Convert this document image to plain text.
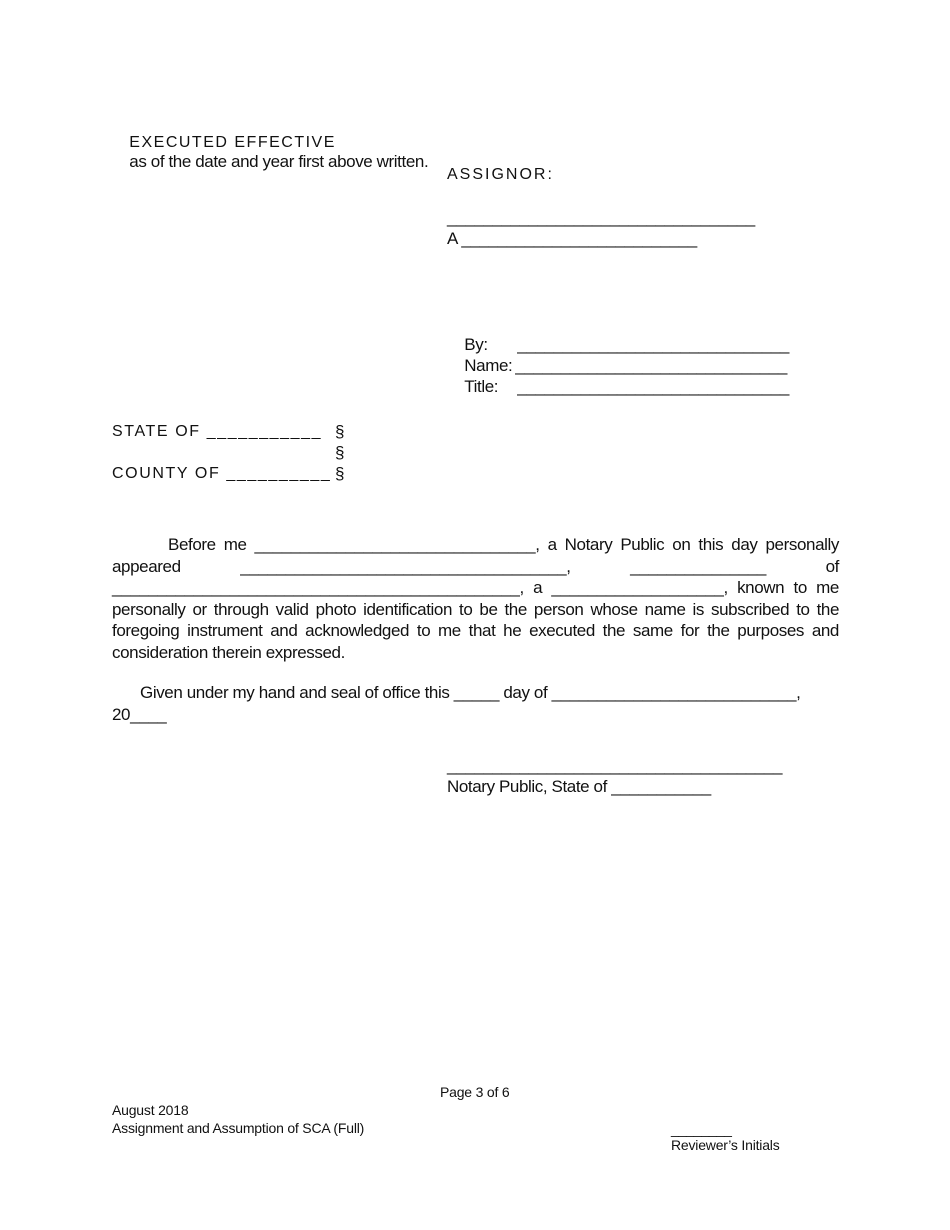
EXECUTED EFFECTIVE
as of the date and year first above written.

ASSIGNOR:
__________________________________
A __________________________

By: ______________________________

Name: ______________________________

Title: ______________________________

STATE OF ___________ §
§
COUNTY OF __________ §
Before me _______________________________, a Notary Public on this day personally appeared ____________________________________, _______________ of _____________________________________________, a ___________________, known to me personally or through valid photo identification to be the person whose name is subscribed to the foregoing instrument and acknowledged to me that he executed the same for the purposes and consideration therein expressed.
Given under my hand and seal of office this _____ day of ___________________________,
20____
_____________________________________
Notary Public, State of ___________
Page 3 of 6
August 2018
Assignment and Assumption of SCA (Full)	________
Reviewer’s Initials
